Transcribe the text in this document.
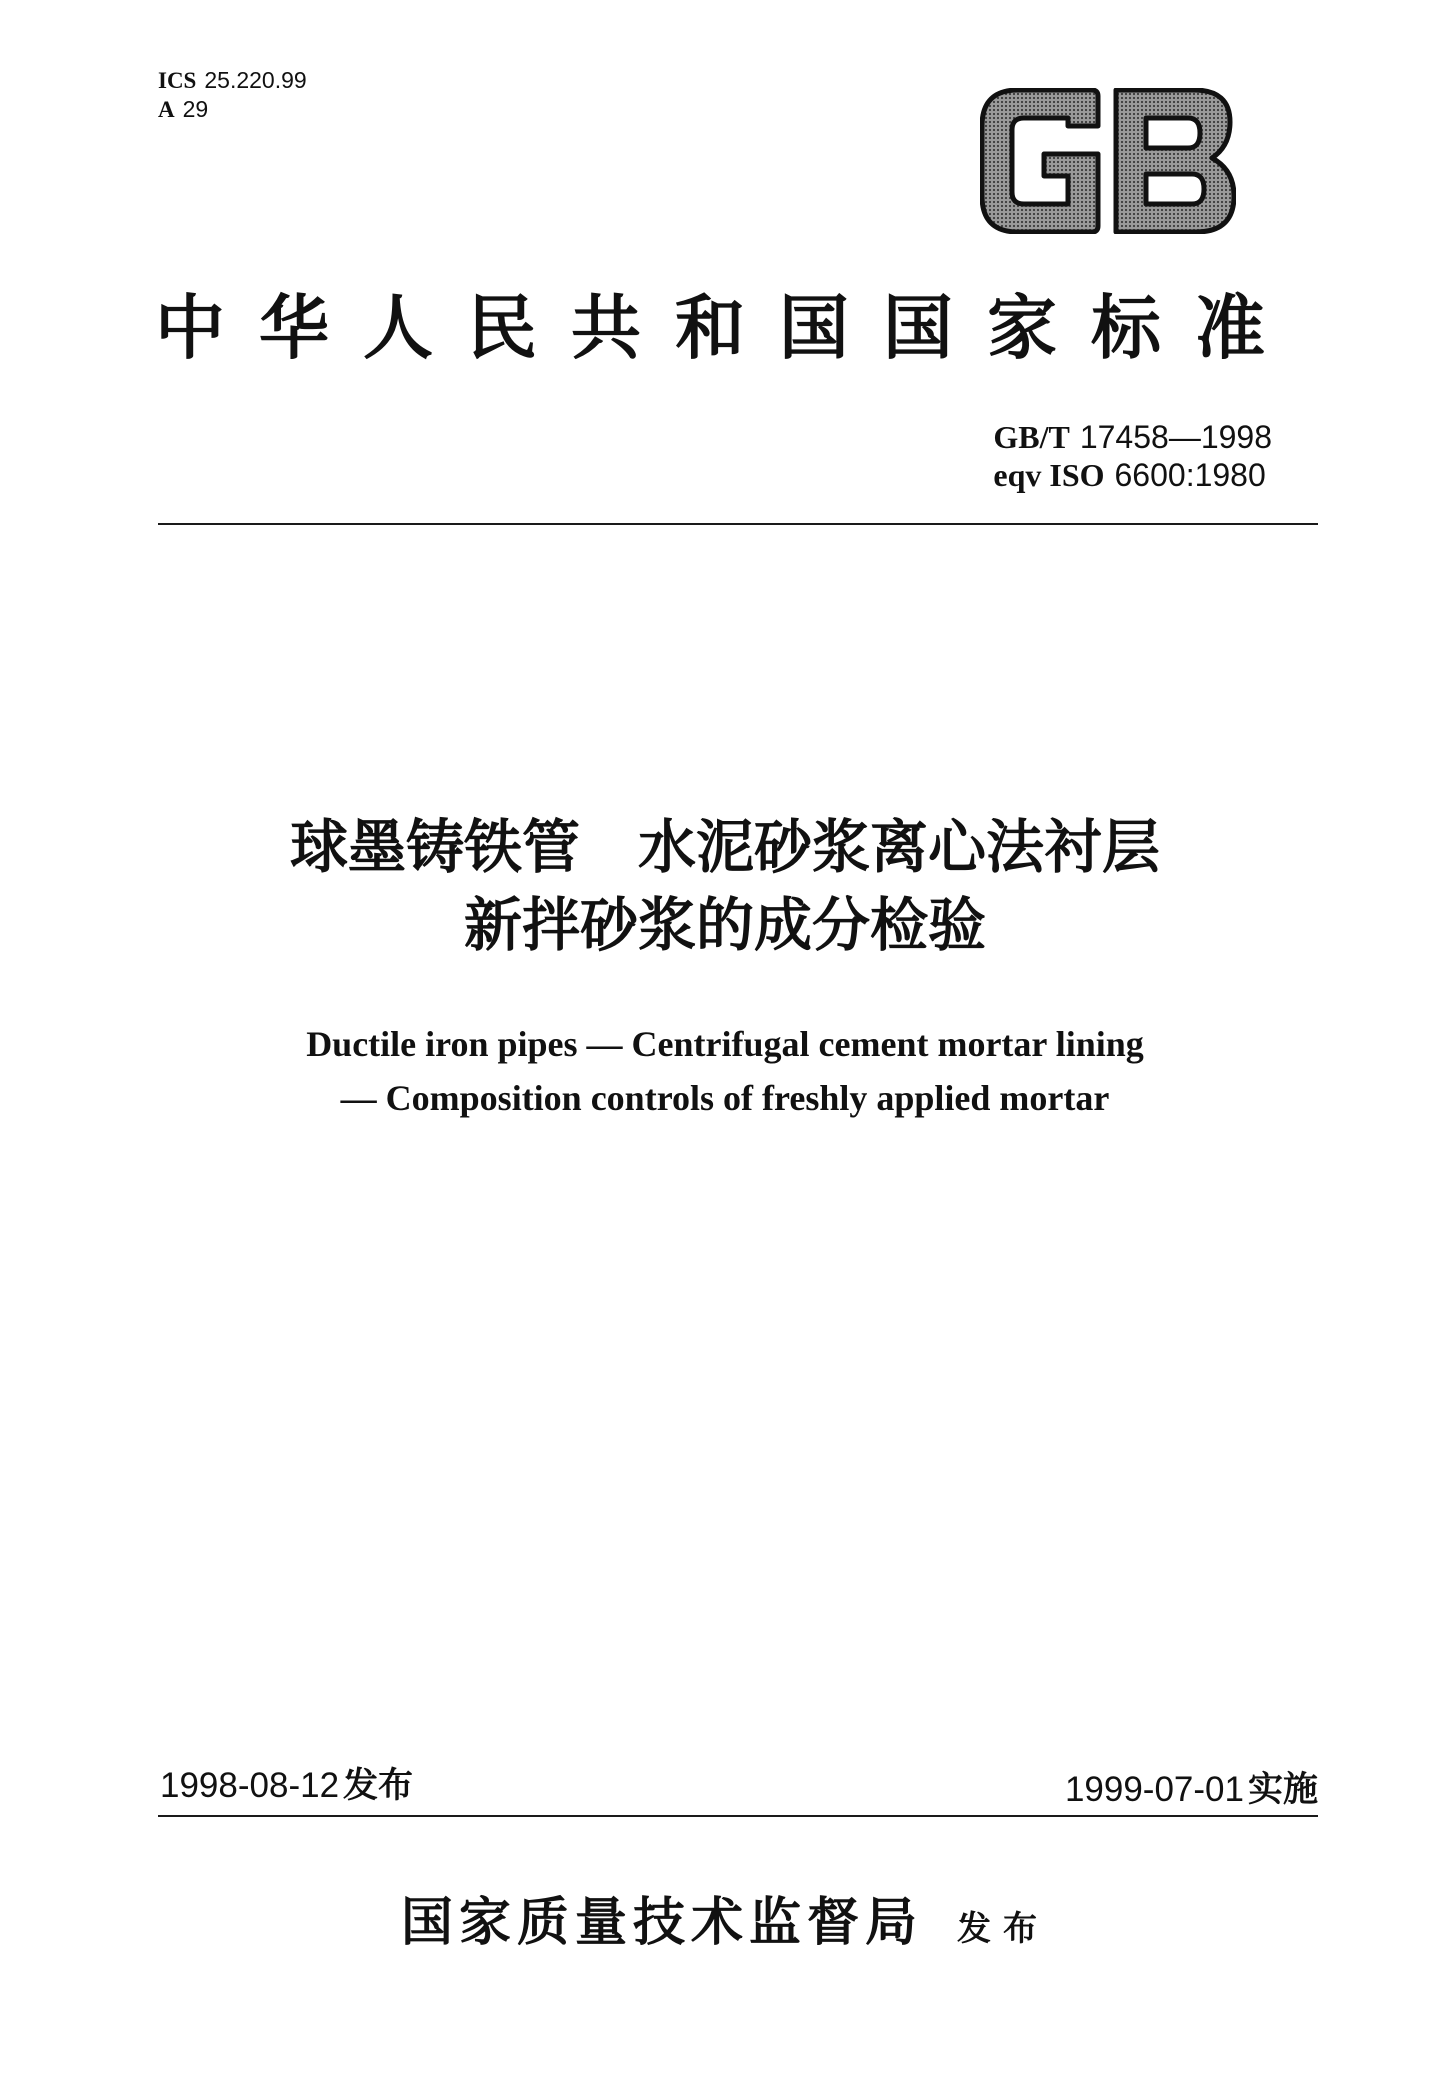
ICS 25.220.99
A 29
中华人民共和国国家标准
GB/T 17458—1998
eqv ISO 6600:1980
球墨铸铁管　水泥砂浆离心法衬层
新拌砂浆的成分检验
Ductile iron pipes — Centrifugal cement mortar lining
— Composition controls of freshly applied mortar
1998-08-12 发布	1999-07-01 实施
国家质量技术监督局 发布
